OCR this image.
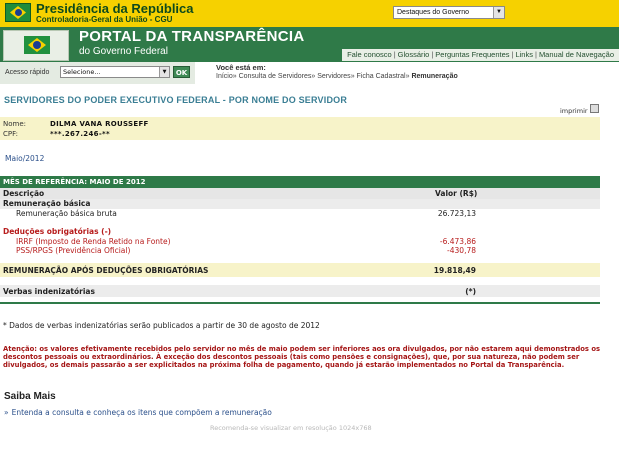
Presidência da República
Controladoria-Geral da União - CGU
Destaques do Governo	▼
PORTAL DA TRANSPARÊNCIA
do Governo Federal	Fale conosco | Glossário | Perguntas Frequentes | Links | Manual de Navegação
Acesso rápido	Selecione...	▼	OK
Você está em:
Início» Consulta de Servidores» Servidores» Ficha Cadastral» Remuneração
SERVIDORES DO PODER EXECUTIVO FEDERAL - POR NOME DO SERVIDOR
imprimir
Nome:	DILMA VANA ROUSSEFF
CPF:	***.267.246-**
Maio/2012
MÊS DE REFERÊNCIA: MAIO DE 2012
Descrição	Valor (R$)
Remuneração básica
Remuneração básica bruta	26.723,13
Deduções obrigatórias (-)
IRRF (Imposto de Renda Retido na Fonte)	-6.473,86
PSS/RPGS (Previdência Oficial)	-430,78
REMUNERAÇÃO APÓS DEDUÇÕES OBRIGATÓRIAS	19.818,49
Verbas indenizatórias	(*)
* Dados de verbas indenizatórias serão publicados a partir de 30 de agosto de 2012
Atenção: os valores efetivamente recebidos pelo servidor no mês de maio podem ser inferiores aos ora divulgados, por não estarem aqui demonstrados os descontos pessoais ou extraordinários. À exceção dos descontos pessoais (tais como pensões e consignações), que, por sua natureza, não podem ser divulgados, os demais passarão a ser explicitados na próxima folha de pagamento, quando já estarão implementados no Portal da Transparência.
Saiba Mais
» Entenda a consulta e conheça os itens que compõem a remuneração
Recomenda-se visualizar em resolução 1024x768
